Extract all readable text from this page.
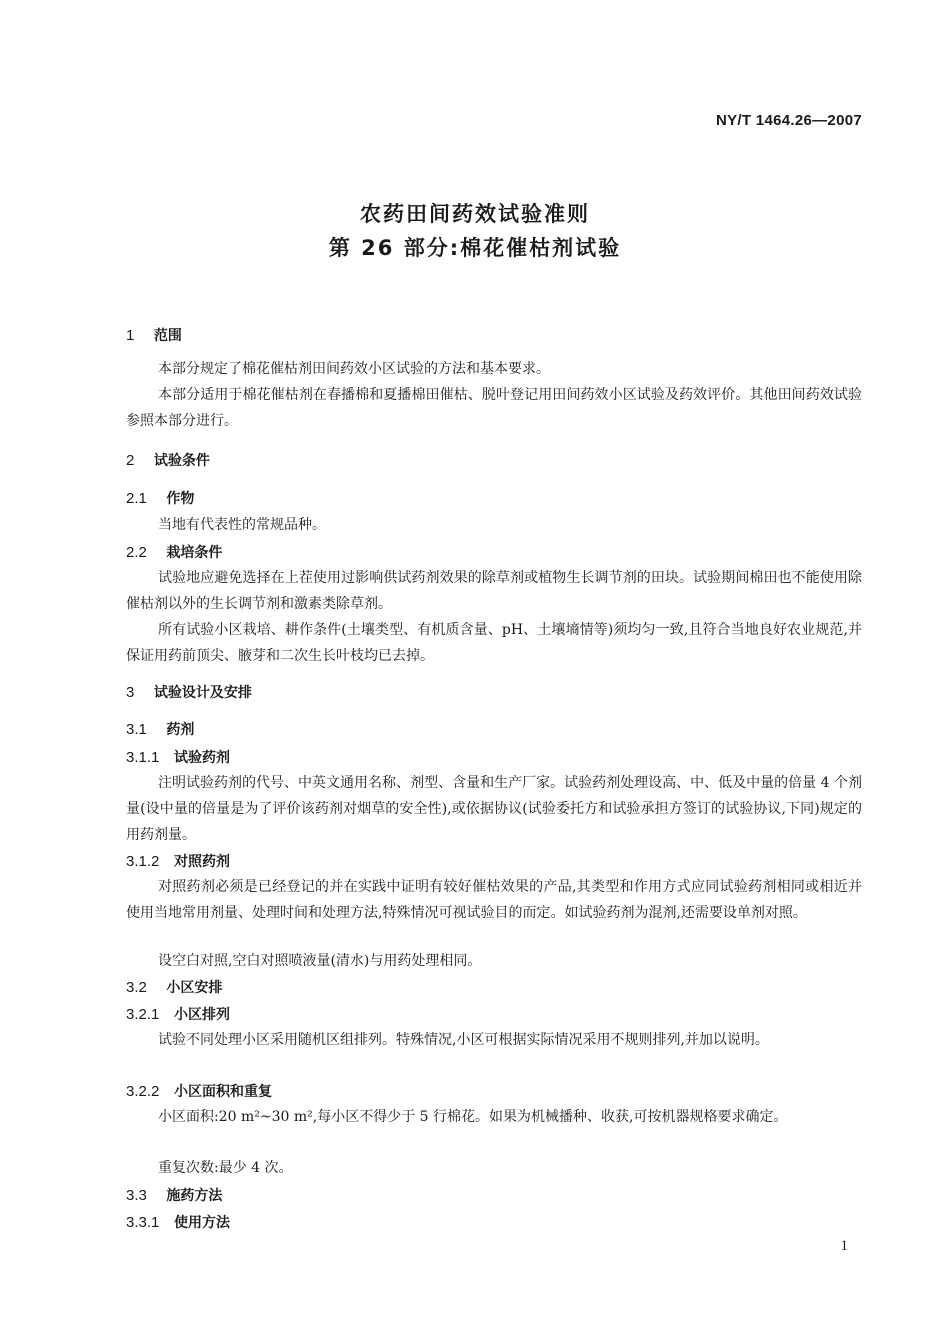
NY/T 1464.26—2007
农药田间药效试验准则
第 26 部分:棉花催枯剂试验
1 范围
本部分规定了棉花催枯剂田间药效小区试验的方法和基本要求。
本部分适用于棉花催枯剂在春播棉和夏播棉田催枯、脱叶登记用田间药效小区试验及药效评价。其他田间药效试验参照本部分进行。
2 试验条件
2.1 作物
当地有代表性的常规品种。
2.2 栽培条件
试验地应避免选择在上茬使用过影响供试药剂效果的除草剂或植物生长调节剂的田块。试验期间棉田也不能使用除催枯剂以外的生长调节剂和激素类除草剂。
所有试验小区栽培、耕作条件(土壤类型、有机质含量、pH、土壤墒情等)须均匀一致,且符合当地良好农业规范,并保证用药前顶尖、腋芽和二次生长叶枝均已去掉。
3 试验设计及安排
3.1 药剂
3.1.1 试验药剂
注明试验药剂的代号、中英文通用名称、剂型、含量和生产厂家。试验药剂处理设高、中、低及中量的倍量 4 个剂量(设中量的倍量是为了评价该药剂对烟草的安全性),或依据协议(试验委托方和试验承担方签订的试验协议,下同)规定的用药剂量。
3.1.2 对照药剂
对照药剂必须是已经登记的并在实践中证明有较好催枯效果的产品,其类型和作用方式应同试验药剂相同或相近并使用当地常用剂量、处理时间和处理方法,特殊情况可视试验目的而定。如试验药剂为混剂,还需要设单剂对照。
设空白对照,空白对照喷液量(清水)与用药处理相同。
3.2 小区安排
3.2.1 小区排列
试验不同处理小区采用随机区组排列。特殊情况,小区可根据实际情况采用不规则排列,并加以说明。
3.2.2 小区面积和重复
小区面积:20 m²~30 m²,每小区不得少于 5 行棉花。如果为机械播种、收获,可按机器规格要求确定。
重复次数:最少 4 次。
3.3 施药方法
3.3.1 使用方法
1
